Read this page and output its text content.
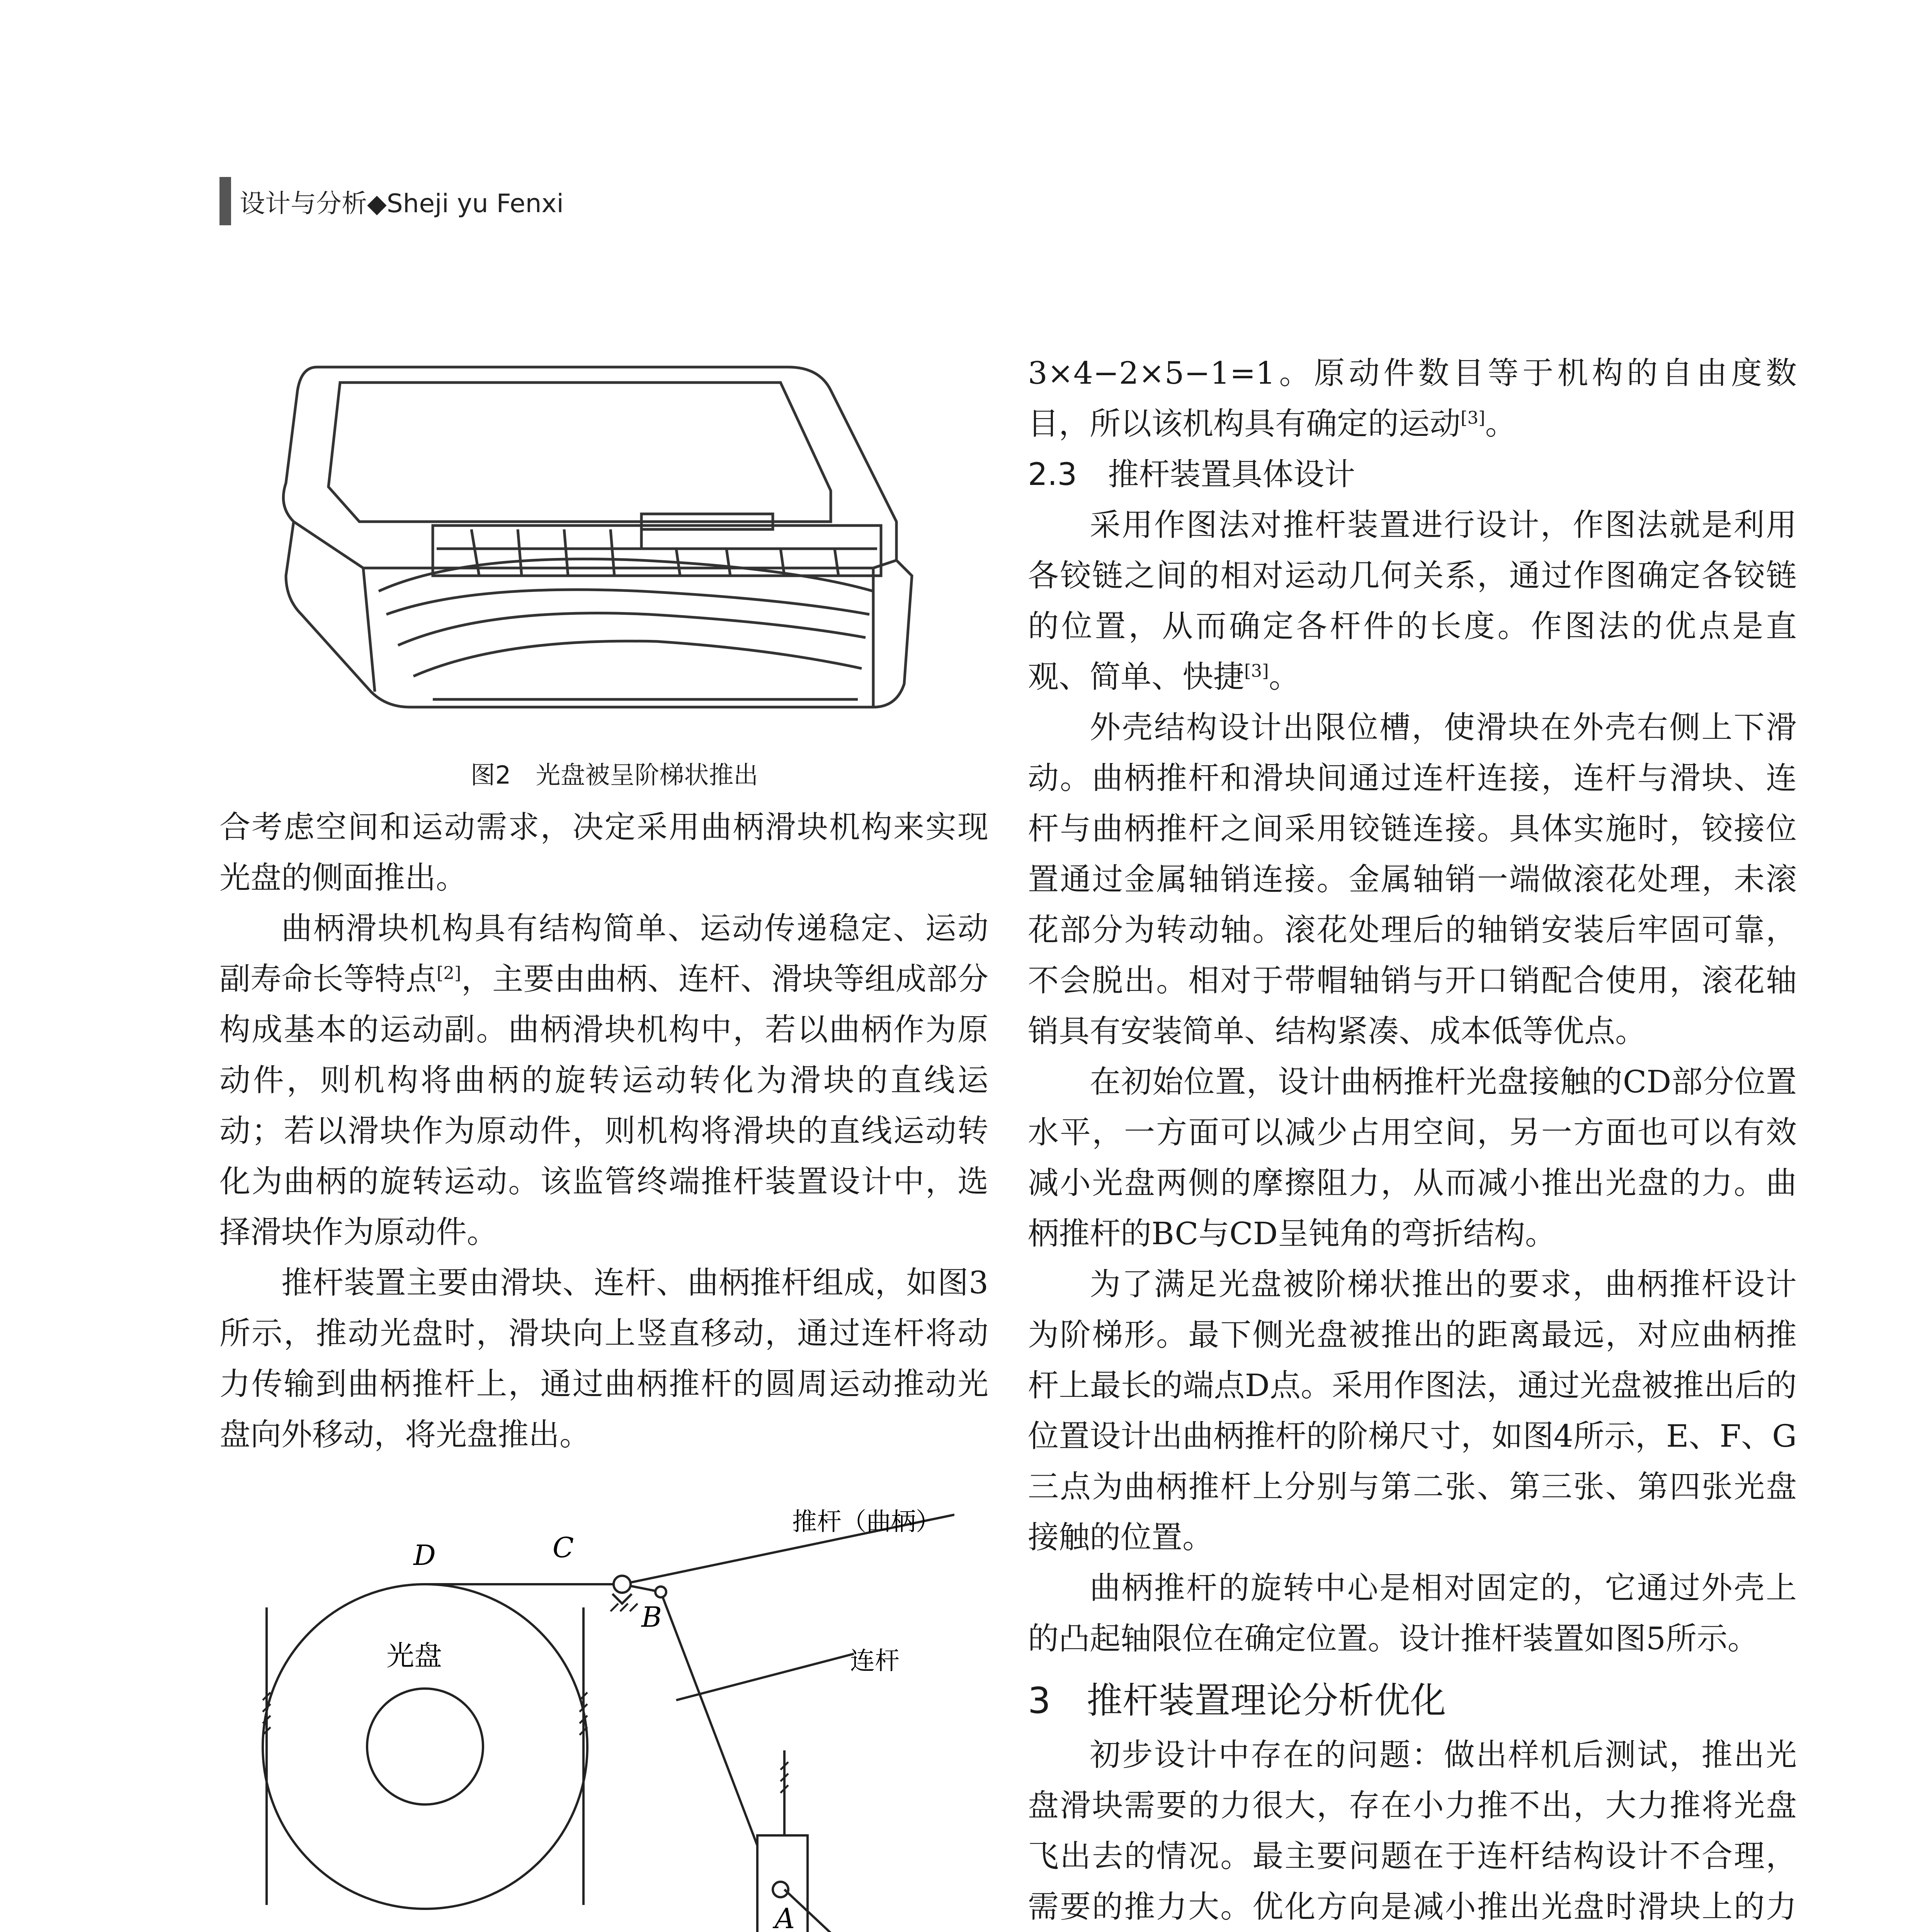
设计与分析◆Sheji yu Fenxi
图2　光盘被呈阶梯状推出

合考虑空间和运动需求，决定采用曲柄滑块机构来实现光盘的侧面推出。

曲柄滑块机构具有结构简单、运动传递稳定、运动副寿命长等特点[2]，主要由曲柄、连杆、滑块等组成部分构成基本的运动副。曲柄滑块机构中，若以曲柄作为原动件，则机构将曲柄的旋转运动转化为滑块的直线运动；若以滑块作为原动件，则机构将滑块的直线运动转化为曲柄的旋转运动。该监管终端推杆装置设计中，选择滑块作为原动件。

推杆装置主要由滑块、连杆、曲柄推杆组成，如图3所示，推动光盘时，滑块向上竖直移动，通过连杆将动力传输到曲柄推杆上，通过曲柄推杆的圆周运动推动光盘向外移动，将光盘推出。

D	C
B
A
光盘
推杆（曲柄）
连杆

3×4−2×5−1=1。原动件数目等于机构的自由度数目，所以该机构具有确定的运动[3]。

2.3　推杆装置具体设计

采用作图法对推杆装置进行设计，作图法就是利用各铰链之间的相对运动几何关系，通过作图确定各铰链的位置，从而确定各杆件的长度。作图法的优点是直观、简单、快捷[3]。

外壳结构设计出限位槽，使滑块在外壳右侧上下滑动。曲柄推杆和滑块间通过连杆连接，连杆与滑块、连杆与曲柄推杆之间采用铰链连接。具体实施时，铰接位置通过金属轴销连接。金属轴销一端做滚花处理，未滚花部分为转动轴。滚花处理后的轴销安装后牢固可靠，不会脱出。相对于带帽轴销与开口销配合使用，滚花轴销具有安装简单、结构紧凑、成本低等优点。

在初始位置，设计曲柄推杆光盘接触的CD部分位置水平，一方面可以减少占用空间，另一方面也可以有效减小光盘两侧的摩擦阻力，从而减小推出光盘的力。曲柄推杆的BC与CD呈钝角的弯折结构。

为了满足光盘被阶梯状推出的要求，曲柄推杆设计为阶梯形。最下侧光盘被推出的距离最远，对应曲柄推杆上最长的端点D点。采用作图法，通过光盘被推出后的位置设计出曲柄推杆的阶梯尺寸，如图4所示，E、F、G三点为曲柄推杆上分别与第二张、第三张、第四张光盘接触的位置。

曲柄推杆的旋转中心是相对固定的，它通过外壳上的凸起轴限位在确定位置。设计推杆装置如图5所示。

3　推杆装置理论分析优化

初步设计中存在的问题：做出样机后测试，推出光盘滑块需要的力很大，存在小力推不出，大力推将光盘飞出去的情况。最主要问题在于连杆结构设计不合理，需要的推力大。优化方向是减小推出光盘时滑块上的力
